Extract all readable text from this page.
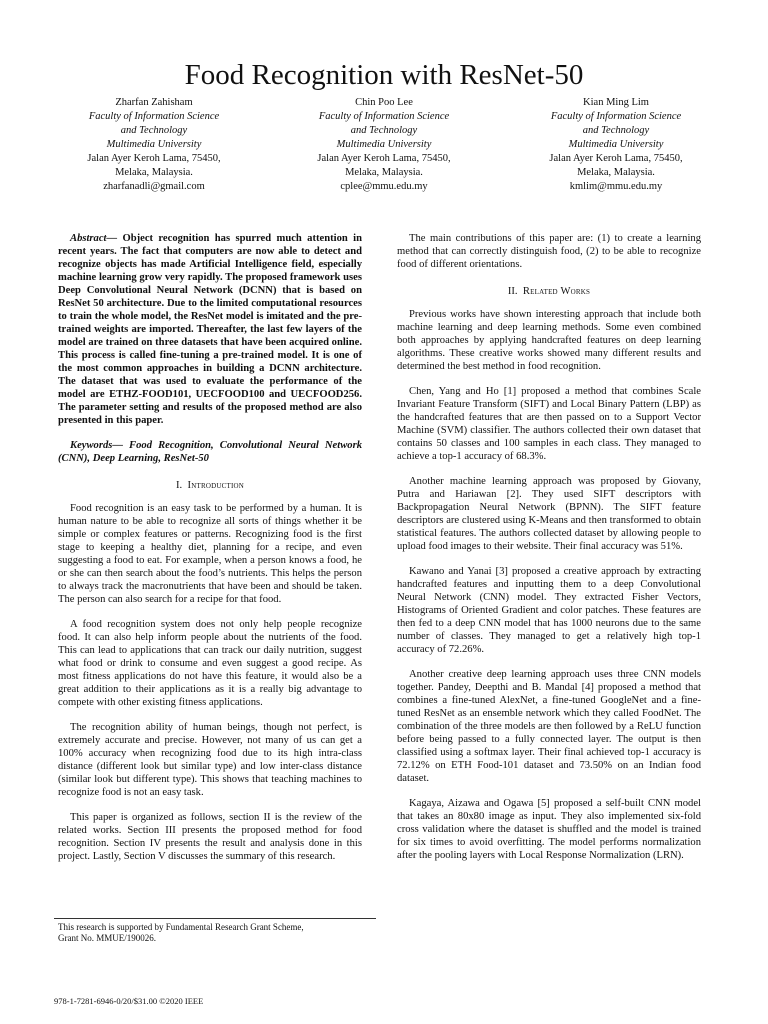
Food Recognition with ResNet-50
Zharfan Zahisham
Faculty of Information Science
and Technology
Multimedia University
Jalan Ayer Keroh Lama, 75450,
Melaka, Malaysia.
zharfanadli@gmail.com
Chin Poo Lee
Faculty of Information Science
and Technology
Multimedia University
Jalan Ayer Keroh Lama, 75450,
Melaka, Malaysia.
cplee@mmu.edu.my
Kian Ming Lim
Faculty of Information Science
and Technology
Multimedia University
Jalan Ayer Keroh Lama, 75450,
Melaka, Malaysia.
kmlim@mmu.edu.my

Abstract— Object recognition has spurred much attention in recent years. The fact that computers are now able to detect and recognize objects has made Artificial Intelligence field, especially machine learning grow very rapidly. The proposed framework uses Deep Convolutional Neural Network (DCNN) that is based on ResNet 50 architecture. Due to the limited computational resources to train the whole model, the ResNet model is imitated and the pre-trained weights are imported. Thereafter, the last few layers of the model are trained on three datasets that have been acquired online. This process is called fine-tuning a pre-trained model. It is one of the most common approaches in building a DCNN architecture. The dataset that was used to evaluate the performance of the model are ETHZ-FOOD101, UECFOOD100 and UECFOOD256. The parameter setting and results of the proposed method are also presented in this paper.

Keywords— Food Recognition, Convolutional Neural Network (CNN), Deep Learning, ResNet-50

I. Introduction

Food recognition is an easy task to be performed by a human. It is human nature to be able to recognize all sorts of things whether it be simple or complex features or patterns. Recognizing food is the first stage to keeping a healthy diet, planning for a recipe, and even suggesting a food to eat. For example, when a person knows a food, he or she can then search about the food’s nutrients. This helps the person to always track the macronutrients that have been and should be taken. The person can also search for a recipe for that food.

A food recognition system does not only help people recognize food. It can also help inform people about the nutrients of the food. This can lead to applications that can track our daily nutrition, suggest what food or drink to consume and even suggest a good recipe. As most fitness applications do not have this feature, it would also be a great addition to their applications as it is a really big advantage to compete with other existing fitness applications.

The recognition ability of human beings, though not perfect, is extremely accurate and precise. However, not many of us can get a 100% accuracy when recognizing food due to its high intra-class distance (different look but similar type) and low inter-class distance (similar look but different type). This shows that teaching machines to recognize food is not an easy task.

This paper is organized as follows, section II is the review of the related works. Section III presents the proposed method for food recognition. Section IV presents the result and analysis done in this project. Lastly, Section V discusses the summary of this research.

The main contributions of this paper are: (1) to create a learning method that can correctly distinguish food, (2) to be able to recognize food of different orientations.

II. Related Works

Previous works have shown interesting approach that include both machine learning and deep learning methods. Some even combined both approaches by applying handcrafted features on deep learning algorithms. These creative works showed many different results and determined the best method in food recognition.

Chen, Yang and Ho [1] proposed a method that combines Scale Invariant Feature Transform (SIFT) and Local Binary Pattern (LBP) as the handcrafted features that are then passed on to a Support Vector Machine (SVM) classifier. The authors collected their own dataset that contains 50 classes and 100 samples in each class. They managed to achieve a top-1 accuracy of 68.3%.

Another machine learning approach was proposed by Giovany, Putra and Hariawan [2]. They used SIFT descriptors with Backpropagation Neural Network (BPNN). The SIFT feature descriptors are clustered using K-Means and then transformed to obtain statistical features. The authors collected dataset by allowing people to upload food images to their website. Their final accuracy was 51%.

Kawano and Yanai [3] proposed a creative approach by extracting handcrafted features and inputting them to a deep Convolutional Neural Network (CNN) model. They extracted Fisher Vectors, Histograms of Oriented Gradient and color patches. These features are then fed to a deep CNN model that has 1000 neurons due to the same number of classes. They managed to get a relatively high top-1 accuracy of 72.26%.

Another creative deep learning approach uses three CNN models together. Pandey, Deepthi and B. Mandal [4] proposed a method that combines a fine-tuned AlexNet, a fine-tuned GoogleNet and a fine-tuned ResNet as an ensemble network which they called FoodNet. The combination of the three models are then followed by a ReLU function before being passed to a fully connected layer. The output is then classified using a softmax layer. Their final achieved top-1 accuracy is 72.12% on ETH Food-101 dataset and 73.50% on an Indian food dataset.

Kagaya, Aizawa and Ogawa [5] proposed a self-built CNN model that takes an 80x80 image as input. They also implemented six-fold cross validation where the dataset is shuffled and the model is trained for six times to avoid overfitting. The model performs normalization after the pooling layers with Local Response Normalization (LRN).

This research is supported by Fundamental Research Grant Scheme,
Grant No. MMUE/190026.
978-1-7281-6946-0/20/$31.00 ©2020 IEEE
